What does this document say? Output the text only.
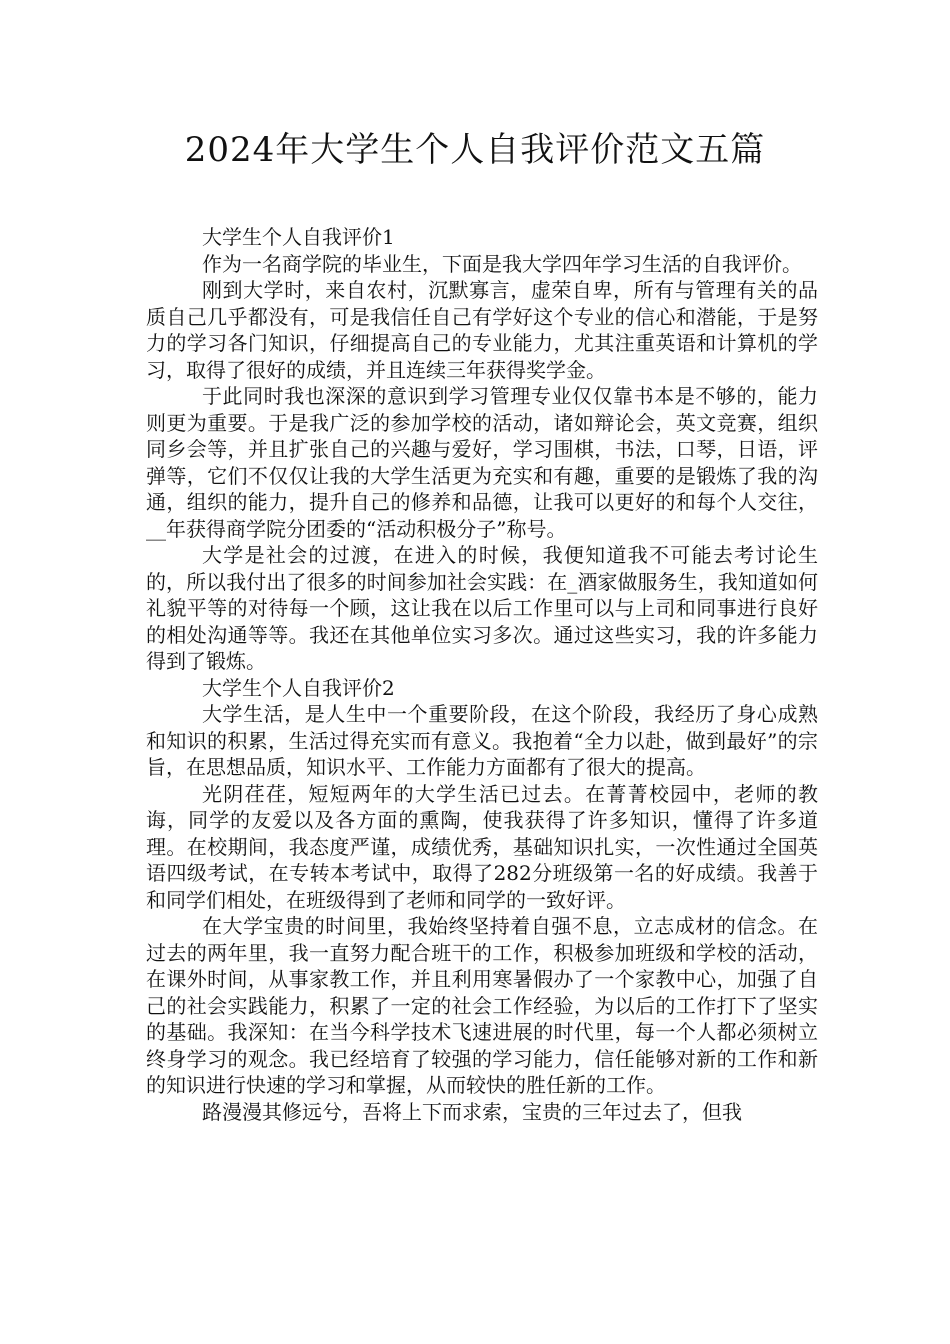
2024年大学生个人自我评价范文五篇

大学生个人自我评价1

作为一名商学院的毕业生，下面是我大学四年学习生活的自我评价。

刚到大学时，来自农村，沉默寡言，虚荣自卑，所有与管理有关的品质自己几乎都没有，可是我信任自己有学好这个专业的信心和潜能，于是努力的学习各门知识，仔细提高自己的专业能力，尤其注重英语和计算机的学习，取得了很好的成绩，并且连续三年获得奖学金。

于此同时我也深深的意识到学习管理专业仅仅靠书本是不够的，能力则更为重要。于是我广泛的参加学校的活动，诸如辩论会，英文竞赛，组织同乡会等，并且扩张自己的兴趣与爱好，学习围棋，书法，口琴，日语，评弹等，它们不仅仅让我的大学生活更为充实和有趣，重要的是锻炼了我的沟通，组织的能力，提升自己的修养和品德，让我可以更好的和每个人交往，__年获得商学院分团委的“活动积极分子”称号。

大学是社会的过渡，在进入的时候，我便知道我不可能去考讨论生的，所以我付出了很多的时间参加社会实践：在_酒家做服务生，我知道如何礼貌平等的对待每一个顾，这让我在以后工作里可以与上司和同事进行良好的相处沟通等等。我还在其他单位实习多次。通过这些实习，我的许多能力得到了锻炼。

大学生个人自我评价2

大学生活，是人生中一个重要阶段，在这个阶段，我经历了身心成熟和知识的积累，生活过得充实而有意义。我抱着“全力以赴，做到最好”的宗旨，在思想品质，知识水平、工作能力方面都有了很大的提高。

光阴荏荏，短短两年的大学生活已过去。在菁菁校园中，老师的教诲，同学的友爱以及各方面的熏陶，使我获得了许多知识，懂得了许多道理。在校期间，我态度严谨，成绩优秀，基础知识扎实，一次性通过全国英语四级考试，在专转本考试中，取得了282分班级第一名的好成绩。我善于和同学们相处，在班级得到了老师和同学的一致好评。

在大学宝贵的时间里，我始终坚持着自强不息，立志成材的信念。在过去的两年里，我一直努力配合班干的工作，积极参加班级和学校的活动，在课外时间，从事家教工作，并且利用寒暑假办了一个家教中心，加强了自己的社会实践能力，积累了一定的社会工作经验，为以后的工作打下了坚实的基础。我深知：在当今科学技术飞速进展的时代里，每一个人都必须树立终身学习的观念。我已经培育了较强的学习能力，信任能够对新的工作和新的知识进行快速的学习和掌握，从而较快的胜任新的工作。

路漫漫其修远兮，吾将上下而求索，宝贵的三年过去了，但我
